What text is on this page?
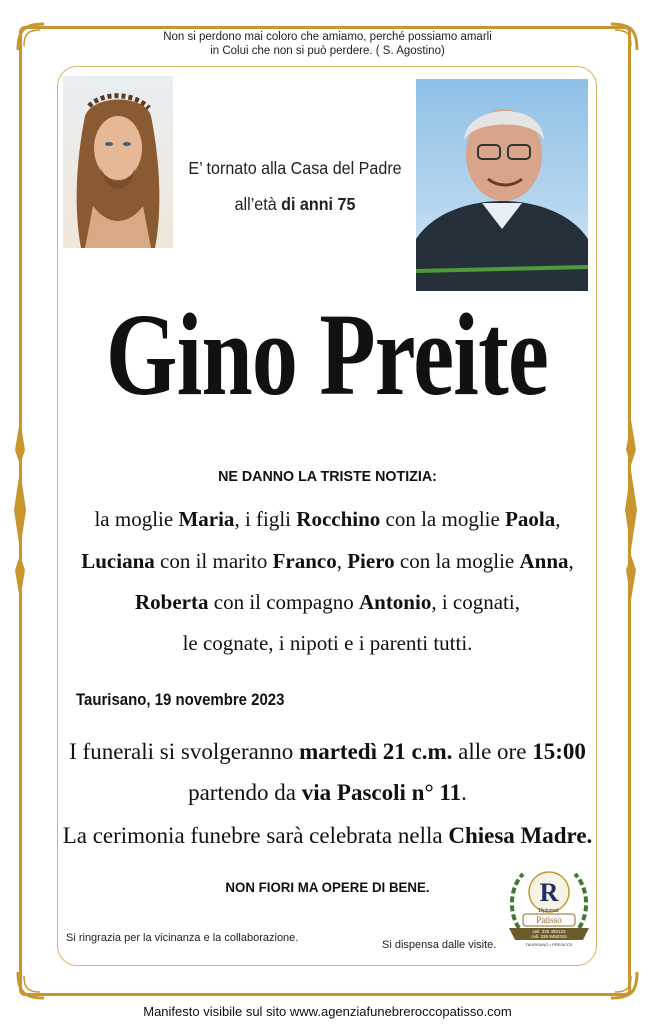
Non si perdono mai coloro che amiamo, perché possiamo amarli
in Colui che non si può perdere. ( S. Agostino)
E’ tornato alla Casa del Padre
all’età di anni 75
Gino Preite
NE DANNO LA TRISTE NOTIZIA:
la moglie Maria, i figli Rocchino con la moglie Paola,
Luciana con il marito Franco, Piero con la moglie Anna,
Roberta con il compagno Antonio, i cognati,
le cognate, i nipoti e i parenti tutti.
Taurisano, 19 novembre 2023
I funerali si svolgeranno martedì 21 c.m. alle ore 15:00
partendo da via Pascoli n° 11.
La cerimonia funebre sarà celebrata nella Chiesa Madre.
NON FIORI MA OPERE DI BENE.
Si ringrazia per la vicinanza e la collaborazione.
Si dispensa dalle visite.
R
Diplomat.
Patisso
cell. 335 450123
cell. 339 8450316
TAURISANO • PRESICCE
Manifesto visibile sul sito www.agenziafunebreroccopatisso.com
